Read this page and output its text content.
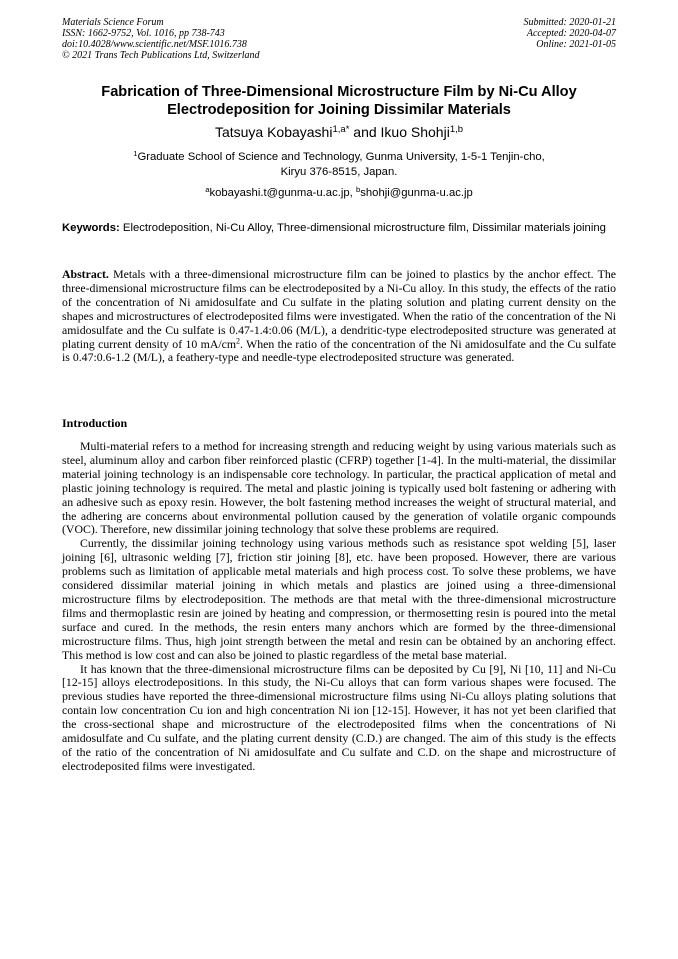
Materials Science Forum
ISSN: 1662-9752, Vol. 1016, pp 738-743
doi:10.4028/www.scientific.net/MSF.1016.738
© 2021 Trans Tech Publications Ltd, Switzerland
Submitted: 2020-01-21
Accepted: 2020-04-07
Online: 2021-01-05
Fabrication of Three-Dimensional Microstructure Film by Ni-Cu Alloy Electrodeposition for Joining Dissimilar Materials
Tatsuya Kobayashi$^{1,a*}$ and Ikuo Shohji$^{1,b}$
$^1$Graduate School of Science and Technology, Gunma University, 1-5-1 Tenjin-cho,
Kiryu 376-8515, Japan.
$^a$kobayashi.t@gunma-u.ac.jp, $^b$shohji@gunma-u.ac.jp
Keywords: Electrodeposition, Ni-Cu Alloy, Three-dimensional microstructure film, Dissimilar materials joining
Abstract. Metals with a three-dimensional microstructure film can be joined to plastics by the anchor effect. The three-dimensional microstructure films can be electrodeposited by a Ni-Cu alloy. In this study, the effects of the ratio of the concentration of Ni amidosulfate and Cu sulfate in the plating solution and plating current density on the shapes and microstructures of electrodeposited films were investigated. When the ratio of the concentration of the Ni amidosulfate and the Cu sulfate is 0.47-1.4:0.06 (M/L), a dendritic-type electrodeposited structure was generated at plating current density of 10 $mA/cm^2$. When the ratio of the concentration of the Ni amidosulfate and the Cu sulfate is 0.47:0.6-1.2 (M/L), a feathery-type and needle-type electrodeposited structure was generated.
Introduction

Multi-material refers to a method for increasing strength and reducing weight by using various materials such as steel, aluminum alloy and carbon fiber reinforced plastic (CFRP) together [1-4]. In the multi-material, the dissimilar material joining technology is an indispensable core technology. In particular, the practical application of metal and plastic joining technology is required. The metal and plastic joining is typically used bolt fastening or adhering with an adhesive such as epoxy resin. However, the bolt fastening method increases the weight of structural material, and the adhering are concerns about environmental pollution caused by the generation of volatile organic compounds (VOC). Therefore, new dissimilar joining technology that solve these problems are required.

Currently, the dissimilar joining technology using various methods such as resistance spot welding [5], laser joining [6], ultrasonic welding [7], friction stir joining [8], etc. have been proposed. However, there are various problems such as limitation of applicable metal materials and high process cost. To solve these problems, we have considered dissimilar material joining in which metals and plastics are joined using a three-dimensional microstructure films by electrodeposition. The methods are that metal with the three-dimensional microstructure films and thermoplastic resin are joined by heating and compression, or thermosetting resin is poured into the metal surface and cured. In the methods, the resin enters many anchors which are formed by the three-dimensional microstructure films. Thus, high joint strength between the metal and resin can be obtained by an anchoring effect. This method is low cost and can also be joined to plastic regardless of the metal base material.

It has known that the three-dimensional microstructure films can be deposited by Cu [9], Ni [10, 11] and Ni-Cu [12-15] alloys electrodepositions. In this study, the Ni-Cu alloys that can form various shapes were focused. The previous studies have reported the three-dimensional microstructure films using Ni-Cu alloys plating solutions that contain low concentration Cu ion and high concentration Ni ion [12-15]. However, it has not yet been clarified that the cross-sectional shape and microstructure of the electrodeposited films when the concentrations of Ni amidosulfate and Cu sulfate, and the plating current density (C.D.) are changed. The aim of this study is the effects of the ratio of the concentration of Ni amidosulfate and Cu sulfate and C.D. on the shape and microstructure of electrodeposited films were investigated.
